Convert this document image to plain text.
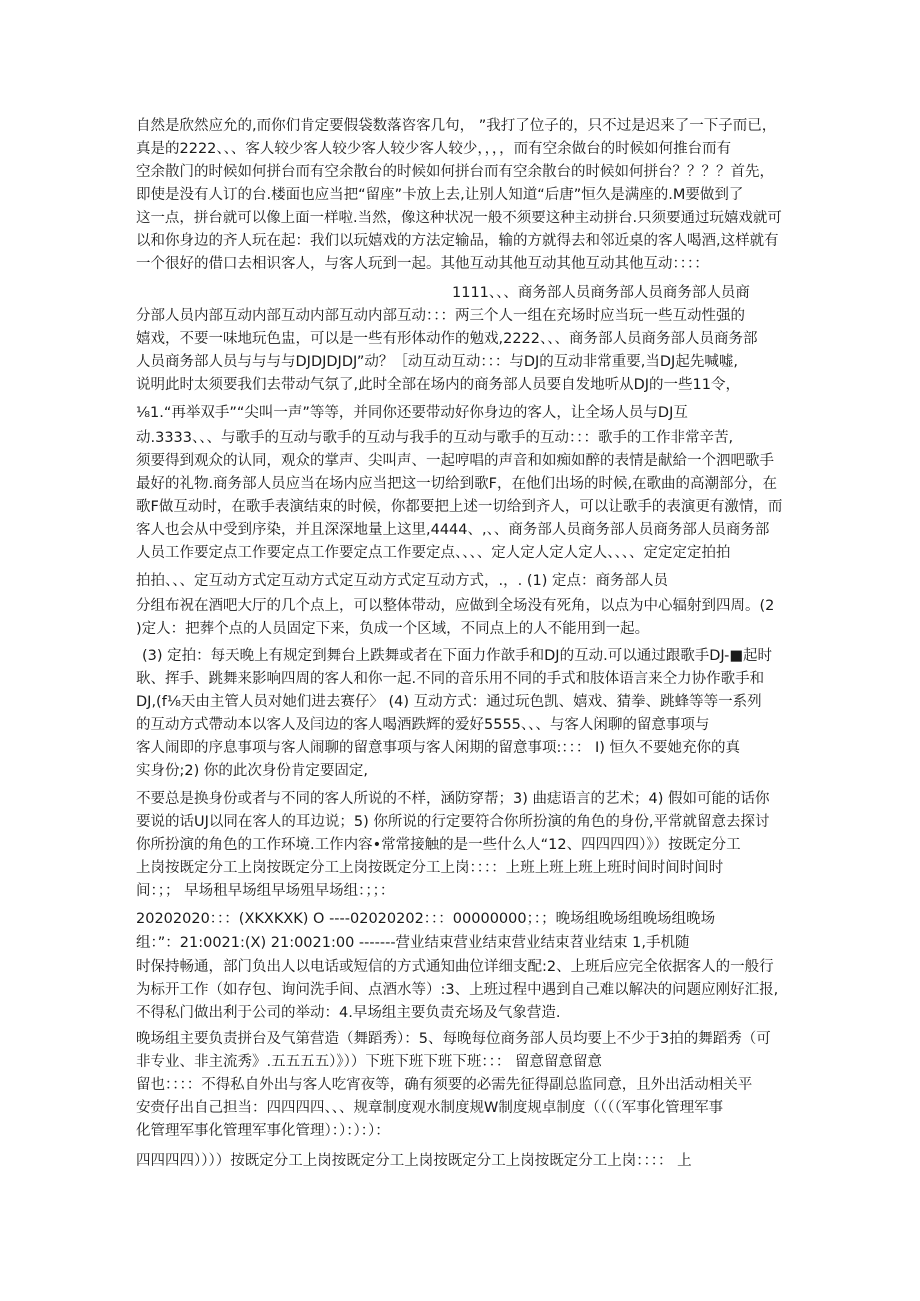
自然是欣然应允的,而你们肯定要假袋数落咨客几句， ”我打了位子的，只不过是迟来了一下子而已，
真是的2222、、、客人较少客人较少客人较少客人较少，，，，而有空余做台的时候如何推台而有
空余散门的时候如何拼台而有空余散台的时候如何拼台而有空余散台的时候如何拼台？？？？首先，
即使是没有人订的台.楼面也应当把“留座”卡放上去,让别人知道“后唐”恒久是满座的.M要做到了
这一点，拼台就可以像上面一样啦.当然，像这种状况一般不须要这种主动拼台.只须要通过玩嬉戏就可
以和你身边的齐人玩在起：我们以玩嬉戏的方法定输品，输的方就得去和邻近桌的客人喝酒,这样就有
一个很好的借口去相识客人，与客人玩到一起。其他互动其他互动其他互动其他互动：：：：
1111、、、商务部人员商务部人员商务部人员商
分部人员内部互动内部互动内部互动内部互动：：：两三个人一组在充场时应当玩一些互动性强的
嬉戏，不要一味地玩色盅，可以是一些有形体动作的勉戏,2222、、、商务部人员商务部人员商务部
人员商务部人员与与与与DJDJDJDJ”动？［动互动互动：：：与DJ的互动非常重要,当DJ起先喊嘘,
说明此时太须要我们去带动气氛了,此时全部在场内的商务部人员要自发地听从DJ的一些11令，
⅛1.“再举双手”“尖叫一声”等等，并同你还要带动好你身边的客人，让全场人员与DJ互
动.3333、、、与歌手的互动与歌手的互动与我手的互动与歌手的互动：：：歌手的工作非常辛苦,
须要得到观众的认同，观众的掌声、尖叫声、一起哼唱的声音和如痴如醉的表情是献給一个泗吧歌手
最好的礼物.商务部人员应当在场内应当把这一切给到歌F，在他们出场的时候,在歌曲的高潮部分，在
歌F做互动时，在歌手表演结束的时候，你都要把上述一切给到齐人，可以让歌手的表演更有激情，而
客人也会从中受到序染，并且深深地量上这里,4444、,、、商务部人员商务部人员商务部人员商务部
人员工作要定点工作要定点工作要定点工作要定点、、、、定人定人定人定人、、、、定定定定拍拍
拍拍、、、定互动方式定互动方式定互动方式定互动方式，.，. (1) 定点：商务部人员
分组布祝在酒吧大厅的几个点上，可以整体带动，应做到全场没有死角，以点为中心辐射到四周。(2
)定人：把葬个点的人员固定下来，负成一个区域，不同点上的人不能用到一起。
(3) 定拍：每天晚上有规定到舞台上跌舞或者在下面力作歆手和DJ的互动.可以通过跟歌手DJ-■起时
耿、挥手、跳舞来影响四周的客人和你一起.不同的音乐用不同的手式和肢体语言来仝力协作歌手和
DJ,(f⅛天由主管人员对她们进去赛仔〉 (4) 互动方式：通过玩色凯、嬉戏、猜拳、跳蜂等等一系列
的互动方式帶动本以客人及闫边的客人喝酒跌辉的爱好5555、、、与客人闲聊的留意事项与
客人闹即的序息事项与客人闹聊的留意事项与客人闲期的留意事项:：：： I) 恒久不要她充你的真
实身份;2) 你的此次身份肯定要固定,
不要总是换身份或者与不同的客人所说的不样，涵防穿帮；3) 曲痣语言的艺术；4) 假如可能的话你
要说的话UJ以同在客人的耳边说；5) 你所说的行定要符合你所扮演的角色的身份,平常就留意去探讨
你所扮演的角色的工作环境.工作内容•常常接触的是一些什么人“12、四四四四）》）按既定分工
上岗按既定分工上岗按既定分工上岗按既定分工上岗：：：：上班上班上班上班时间时间时间时
间：；； 早场租早场组早场殂早场组：；；：
20202020：：：(XKXKXK) O ----02020202：：：00000000；：；晚场组晚场组晚场组晚场
组：”：21:0021:(X) 21:0021:00 -------营业结束营业结束营业结束苕业结束 1,手机随
时保持畅通，部门负出人以电话或短信的方式通知曲位详细支配:2、上班后应完全依据客人的一般行
为标开工作（如存包、询问洗手间、点酒水等）:3、上班过程中遇到自己难以解决的问题应刚好汇报,
不得私门做出利于公司的举动：4.早场组主要负责充场及气象营造.
晚场组主要负责拼台及气第营造（舞蹈秀）：5、每晚每位商务部人员均要上不少于3拍的舞蹈秀（可
非专业、非主流秀》.五五五五）》））下班下班下班下班：：： 留意留意留意
留也：：：：不得私自外出与客人吃宵夜等，确有须要的必需先征得副总监同意，且外出活动相关平
安赍仔出自己担当：四四四四、、、规章制度观水制度规W制度规卓制度（（（（军事化管理军事
化管理军事化管理军事化管理）：）：）：）：
四四四四））））按既定分工上岗按既定分工上岗按既定分工上岗按既定分工上岗：：：： 上
